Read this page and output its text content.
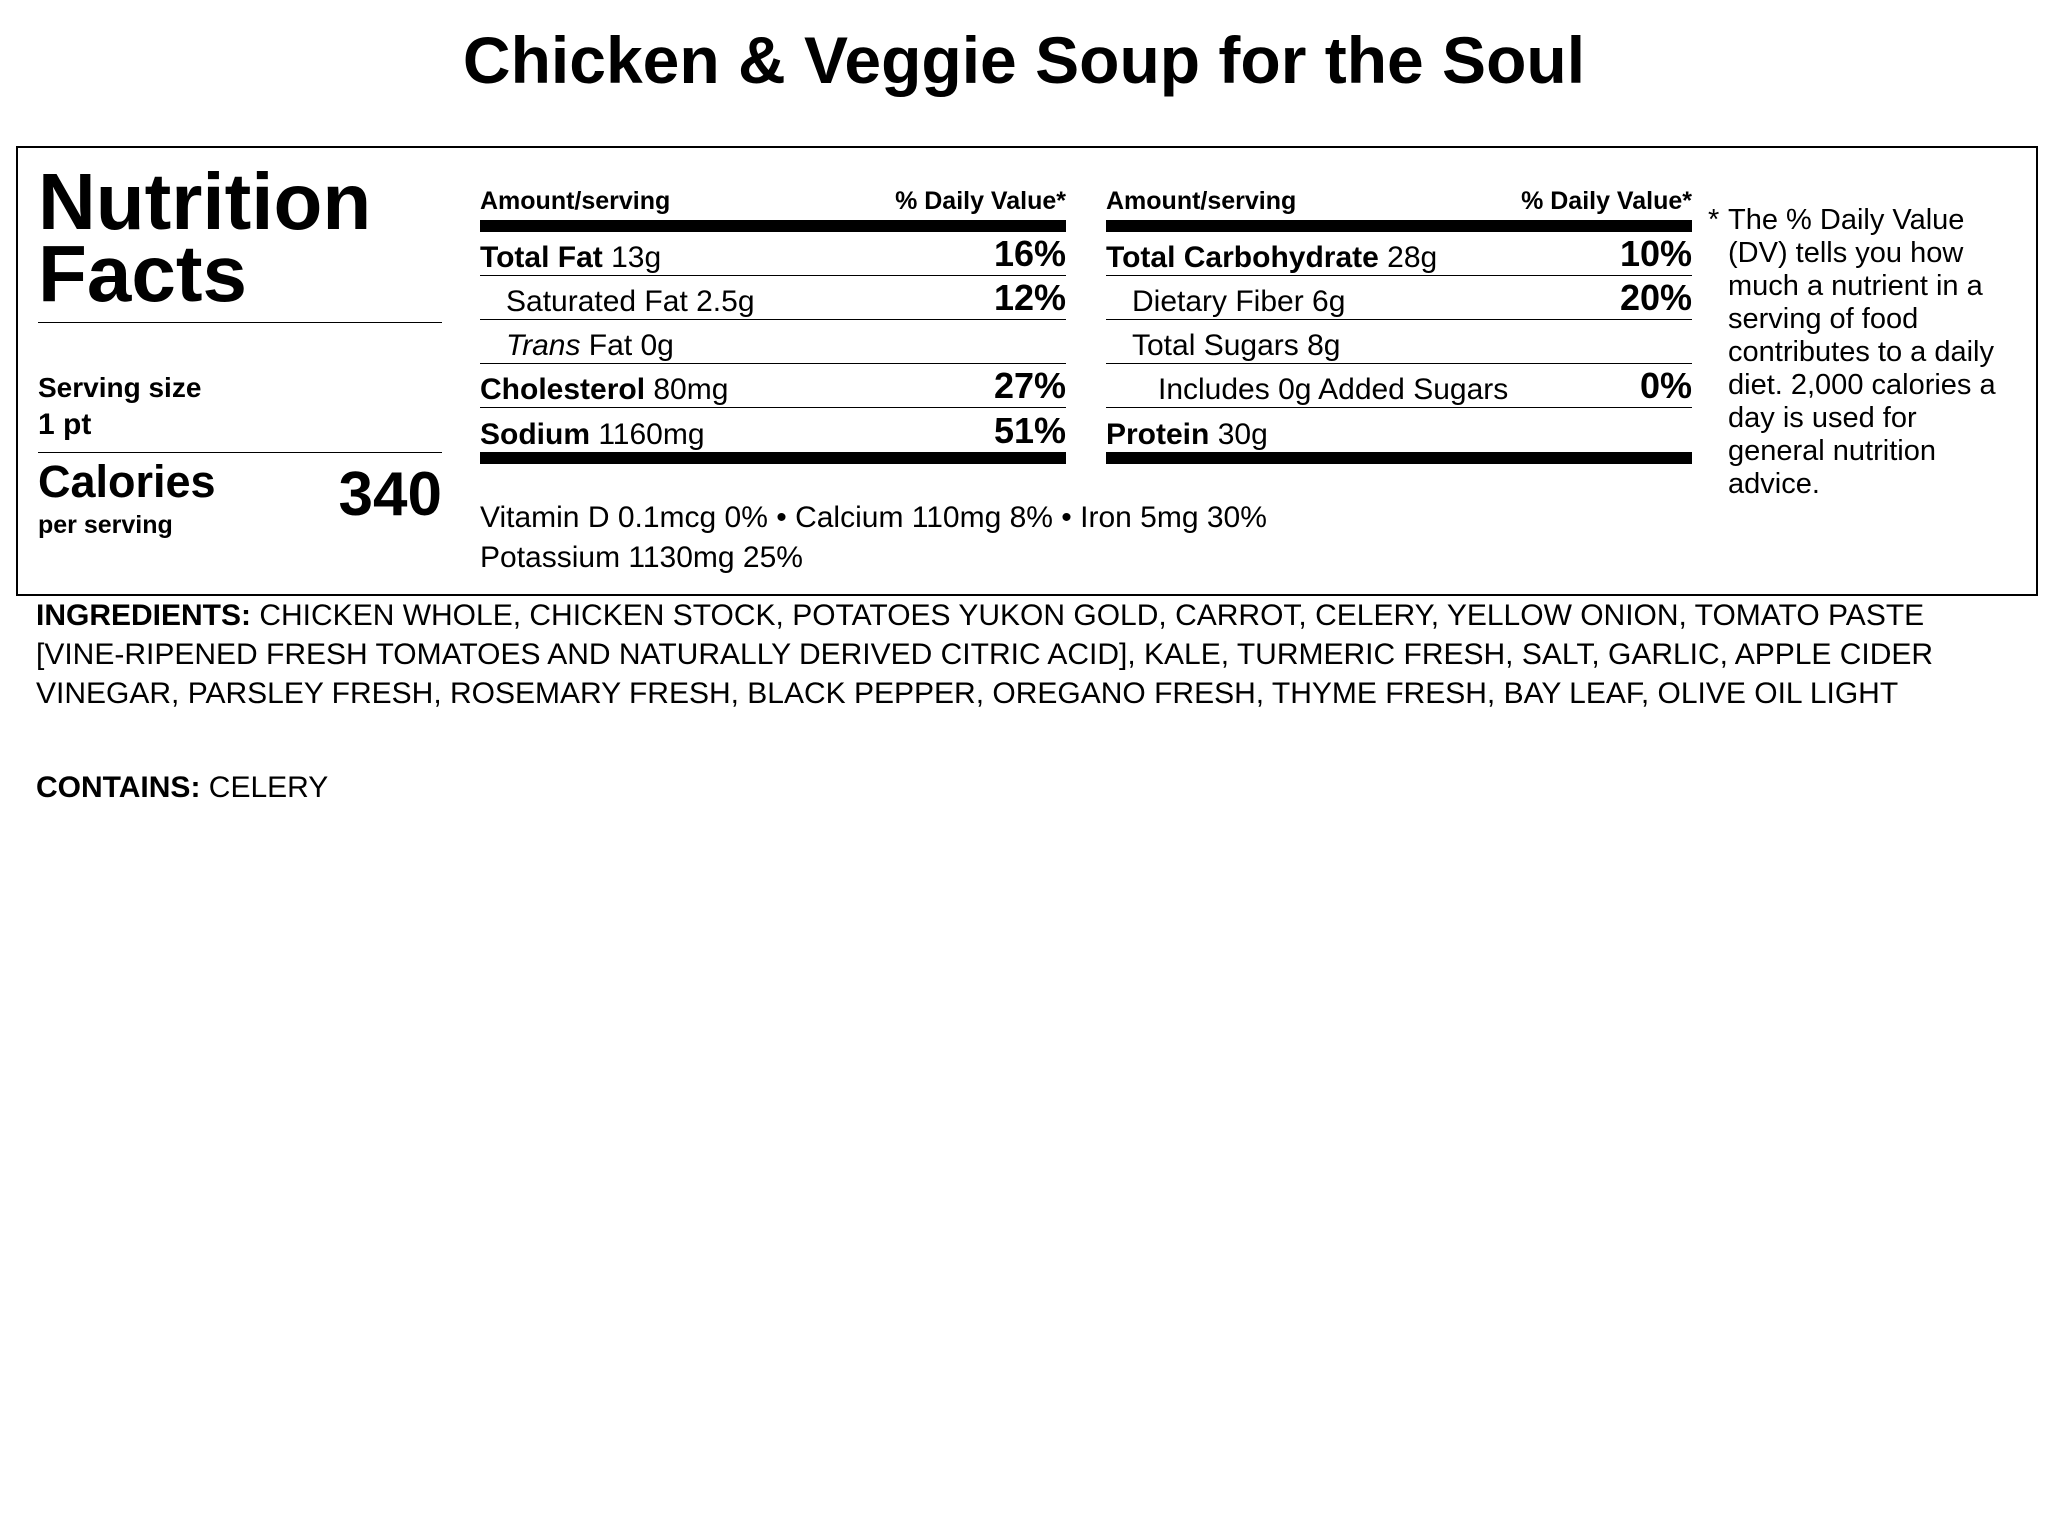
Chicken & Veggie Soup for the Soul
Nutrition
Facts
Serving size
1 pt
Calories
per serving	340
Amount/serving	% Daily Value*
Total Fat 13g	16%
Saturated Fat 2.5g	12%
Trans Fat 0g
Cholesterol 80mg	27%
Sodium 1160mg	51%
Amount/serving	% Daily Value*
Total Carbohydrate 28g	10%
Dietary Fiber 6g	20%
Total Sugars 8g
Includes 0g Added Sugars	0%
Protein 30g
Vitamin D 0.1mcg 0% • Calcium 110mg 8% • Iron 5mg 30%
Potassium 1130mg 25%
* The % Daily Value (DV) tells you how much a nutrient in a serving of food contributes to a daily diet. 2,000 calories a day is used for general nutrition advice.
INGREDIENTS: CHICKEN WHOLE, CHICKEN STOCK, POTATOES YUKON GOLD, CARROT, CELERY, YELLOW ONION, TOMATO PASTE [VINE-RIPENED FRESH TOMATOES AND NATURALLY DERIVED CITRIC ACID], KALE, TURMERIC FRESH, SALT, GARLIC, APPLE CIDER VINEGAR, PARSLEY FRESH, ROSEMARY FRESH, BLACK PEPPER, OREGANO FRESH, THYME FRESH, BAY LEAF, OLIVE OIL LIGHT
CONTAINS: CELERY
